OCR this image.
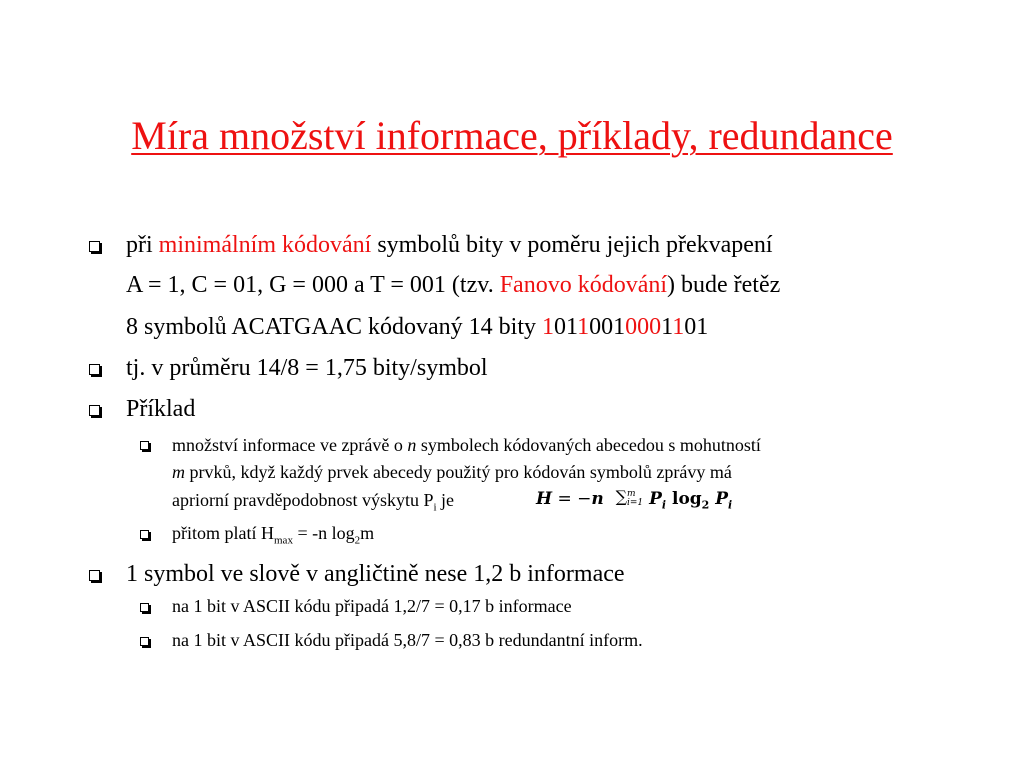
Míra množství informace, příklady, redundance
při minimálním kódování symbolů bity v poměru jejich překvapení
A = 1, C = 01, G = 000 a T = 001 (tzv. Fanovo kódování) bude řetěz
8 symbolů ACATGAAC kódovaný 14 bity 10110010001101
tj. v průměru 14/8 = 1,75 bity/symbol
Příklad
množství informace ve zprávě o n symbolech kódovaných abecedou s mohutností
m prvků, když každý prvek abecedy použitý pro kódován symbolů zprávy má
apriorní pravděpodobnost výskytu $P_i$ je	H = −n ∑m
i=1 $P_i$ $\log_2 P_i$
přitom platí $H_{max} = -n$ $\log_2m$
1 symbol ve slově v angličtině nese 1,2 b informace
na 1 bit v ASCII kódu připadá 1,2/7 = 0,17 b informace
na 1 bit v ASCII kódu připadá 5,8/7 = 0,83 b redundantní inform.
